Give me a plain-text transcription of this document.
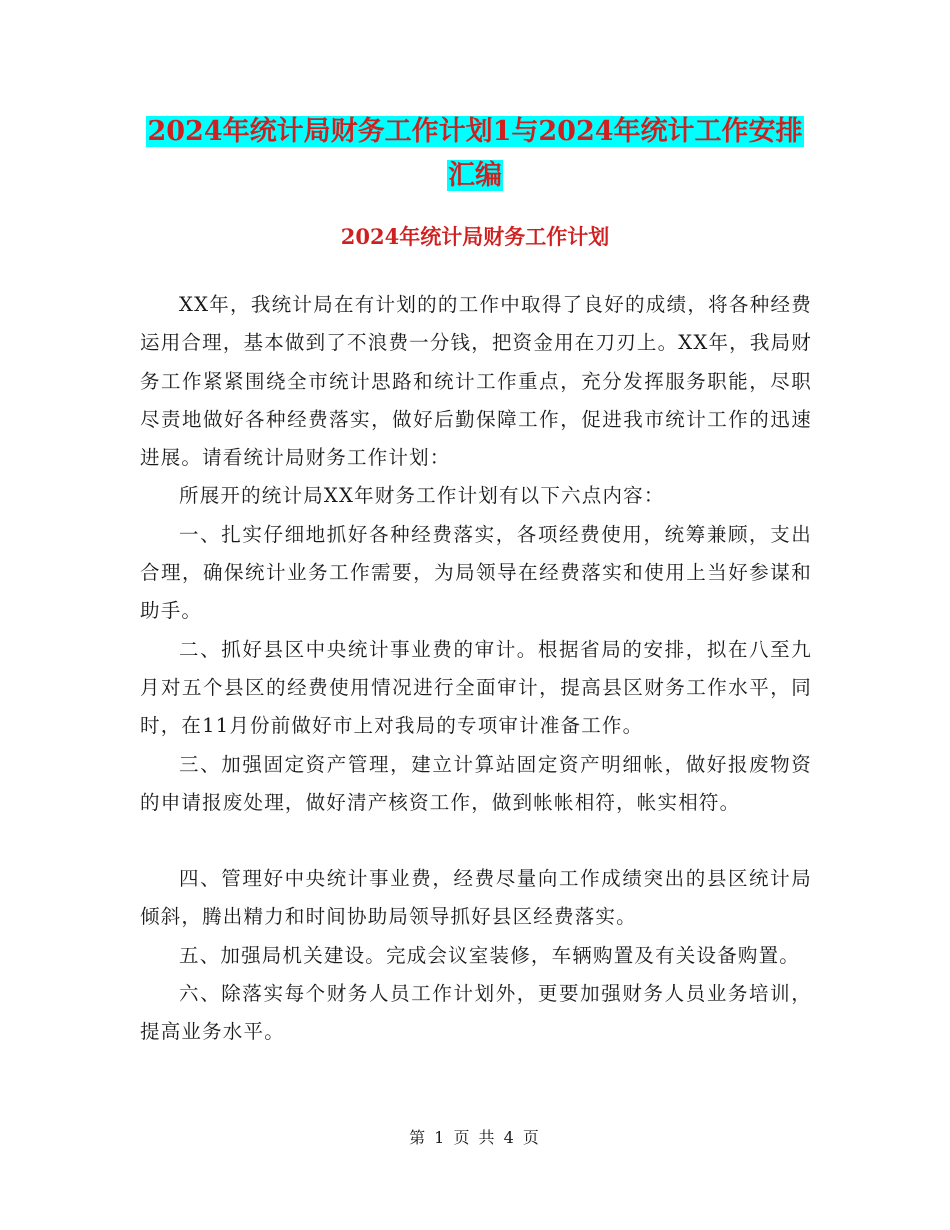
2024年统计局财务工作计划1与2024年统计工作安排
汇编
2024年统计局财务工作计划

XX年，我统计局在有计划的的工作中取得了良好的成绩，将各种经费运用合理，基本做到了不浪费一分钱，把资金用在刀刃上。XX年，我局财务工作紧紧围绕全市统计思路和统计工作重点，充分发挥服务职能，尽职尽责地做好各种经费落实，做好后勤保障工作，促进我市统计工作的迅速进展。请看统计局财务工作计划：

所展开的统计局XX年财务工作计划有以下六点内容：

一、扎实仔细地抓好各种经费落实，各项经费使用，统筹兼顾，支出合理，确保统计业务工作需要，为局领导在经费落实和使用上当好参谋和助手。

二、抓好县区中央统计事业费的审计。根据省局的安排，拟在八至九月对五个县区的经费使用情况进行全面审计，提高县区财务工作水平，同时，在11月份前做好市上对我局的专项审计准备工作。

三、加强固定资产管理，建立计算站固定资产明细帐，做好报废物资的申请报废处理，做好清产核资工作，做到帐帐相符，帐实相符。

四、管理好中央统计事业费，经费尽量向工作成绩突出的县区统计局倾斜，腾出精力和时间协助局领导抓好县区经费落实。

五、加强局机关建设。完成会议室装修，车辆购置及有关设备购置。

六、除落实每个财务人员工作计划外，更要加强财务人员业务培训，提高业务水平。

第 1 页 共 4 页
